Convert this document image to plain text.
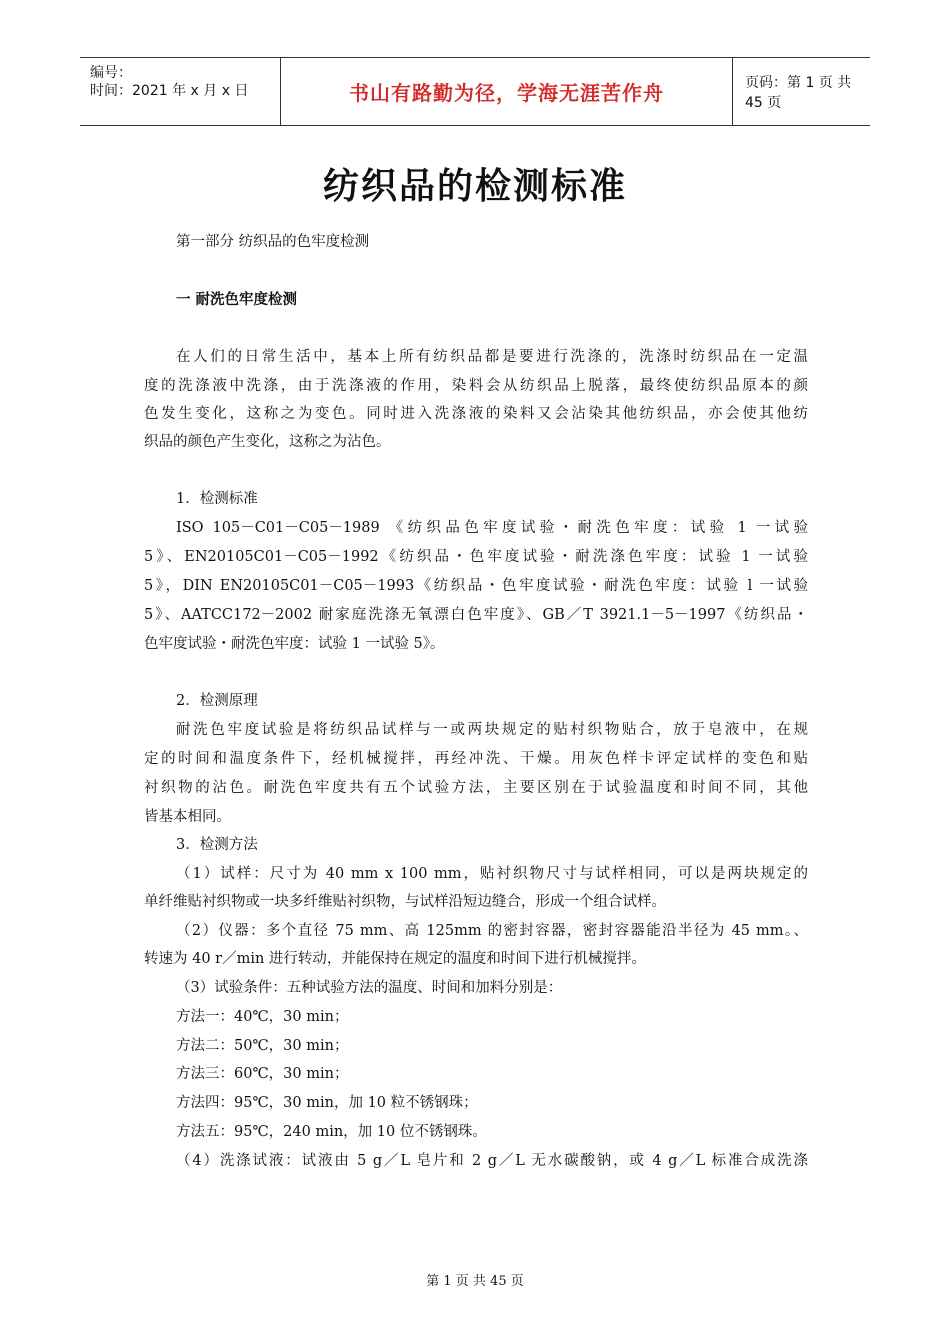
编号：
时间：2021 年 x 月 x 日	书山有路勤为径，学海无涯苦作舟	页码：第 1 页 共 45 页
纺织品的检测标准
第一部分 纺织品的色牢度检测
一 耐洗色牢度检测
在人们的日常生活中，基本上所有纺织品都是要进行洗涤的，洗涤时纺织品在一定温
度的洗涤液中洗涤，由于洗涤液的作用，染料会从纺织品上脱落，最终使纺织品原本的颜
色发生变化，这称之为变色。同时进入洗涤液的染料又会沾染其他纺织品，亦会使其他纺
织品的颜色产生变化，这称之为沾色。
1．检测标准
ISO 105－C01－C05－1989 《纺织品色牢度试验・耐洗色牢度：试验 1 一试验
5》、EN20105C01－C05－1992《纺织品・色牢度试验・耐洗涤色牢度：试验 1 一试验
5》，DIN EN20105C01－C05－1993《纺织品・色牢度试验・耐洗色牢度：试验 l 一试验
5》、AATCC172－2002 耐家庭洗涤无氧漂白色牢度》、GB／T 3921.1－5－1997《纺织品・
色牢度试验・耐洗色牢度：试验 1 一试验 5》。
2．检测原理
耐洗色牢度试验是将纺织品试样与一或两块规定的贴村织物贴合，放于皂液中，在规
定的时间和温度条件下，经机械搅拌，再经冲洗、干燥。用灰色样卡评定试样的变色和贴
衬织物的沾色。耐洗色牢度共有五个试验方法，主要区别在于试验温度和时间不同，其他
皆基本相同。
3．检测方法
（1）试样：尺寸为 40 mm x 100 mm，贴衬织物尺寸与试样相同，可以是两块规定的
单纤维贴衬织物或一块多纤维贴衬织物，与试样沿短边缝合，形成一个组合试样。
（2）仪器：多个直径 75 mm、高 125mm 的密封容器，密封容器能沿半径为 45 mm。、
转速为 40 r／min 进行转动，并能保持在规定的温度和时间下进行机械搅拌。
（3）试验条件：五种试验方法的温度、时间和加料分别是：
方法一：40℃，30 min；
方法二：50℃，30 min；
方法三：60℃，30 min；
方法四：95℃，30 min，加 10 粒不锈钢珠；
方法五：95℃，240 min，加 10 位不锈钢珠。
（4）洗涤试液：试液由 5 g／L 皂片和 2 g／L 无水碳酸钠，或 4 g／L 标准合成洗涤
第 1 页 共 45 页
